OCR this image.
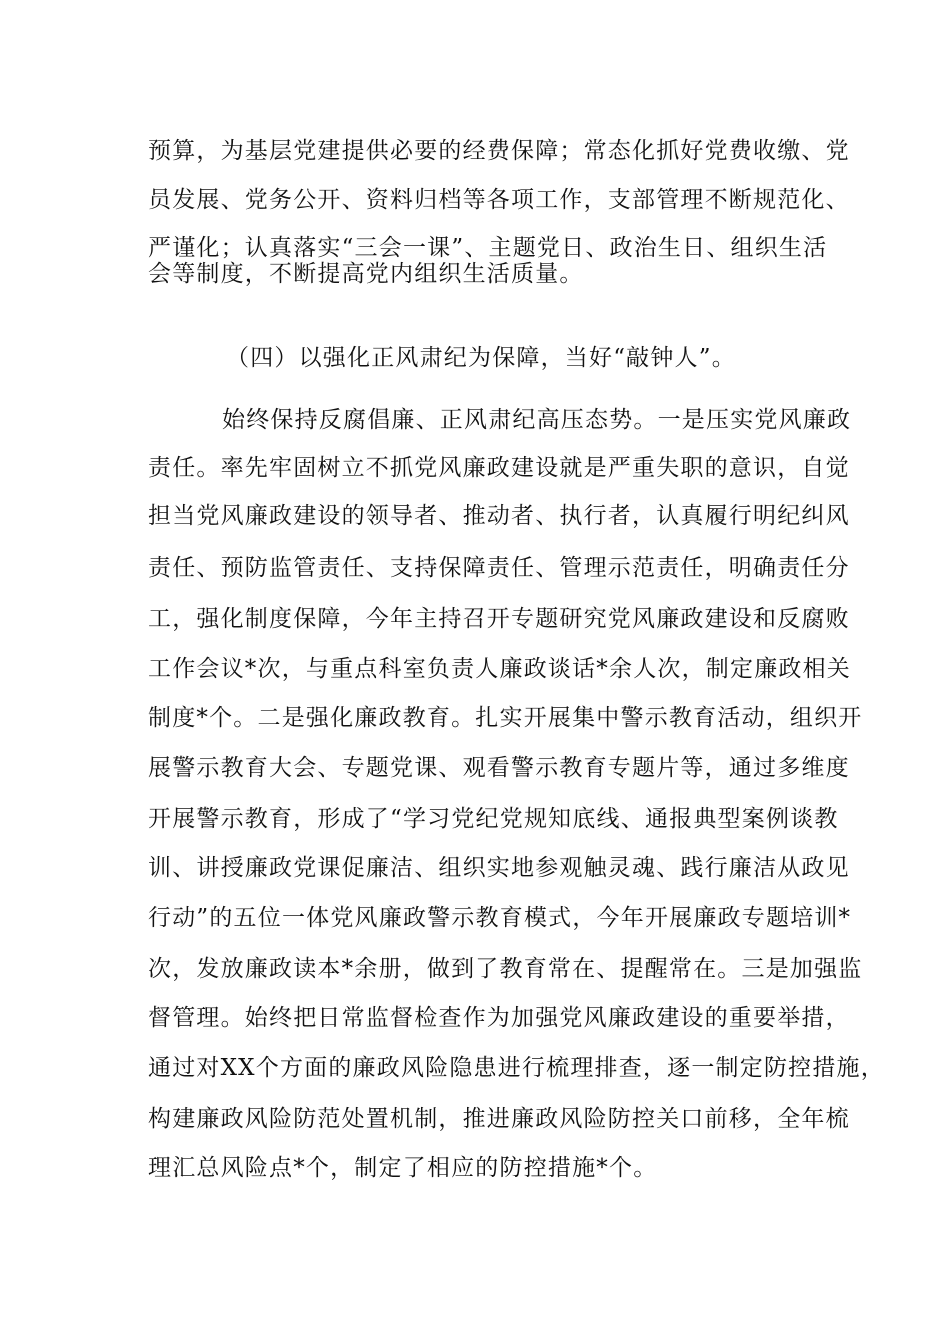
预算，为基层党建提供必要的经费保障；常态化抓好党费收缴、党
员发展、党务公开、资料归档等各项工作，支部管理不断规范化、
严谨化；认真落实“三会一课”、主题党日、政治生日、组织生活
会等制度，不断提高党内组织生活质量。
（四）以强化正风肃纪为保障，当好“敲钟人”。
始终保持反腐倡廉、正风肃纪高压态势。一是压实党风廉政
责任。率先牢固树立不抓党风廉政建设就是严重失职的意识，自觉
担当党风廉政建设的领导者、推动者、执行者，认真履行明纪纠风
责任、预防监管责任、支持保障责任、管理示范责任，明确责任分
工，强化制度保障，今年主持召开专题研究党风廉政建设和反腐败
工作会议*次，与重点科室负责人廉政谈话*余人次，制定廉政相关
制度*个。二是强化廉政教育。扎实开展集中警示教育活动，组织开
展警示教育大会、专题党课、观看警示教育专题片等，通过多维度
开展警示教育，形成了“学习党纪党规知底线、通报典型案例谈教
训、讲授廉政党课促廉洁、组织实地参观触灵魂、践行廉洁从政见
行动”的五位一体党风廉政警示教育模式，今年开展廉政专题培训*
次，发放廉政读本*余册，做到了教育常在、提醒常在。三是加强监
督管理。始终把日常监督检查作为加强党风廉政建设的重要举措，
通过对XX个方面的廉政风险隐患进行梳理排查，逐一制定防控措施，
构建廉政风险防范处置机制，推进廉政风险防控关口前移，全年梳
理汇总风险点*个，制定了相应的防控措施*个。
